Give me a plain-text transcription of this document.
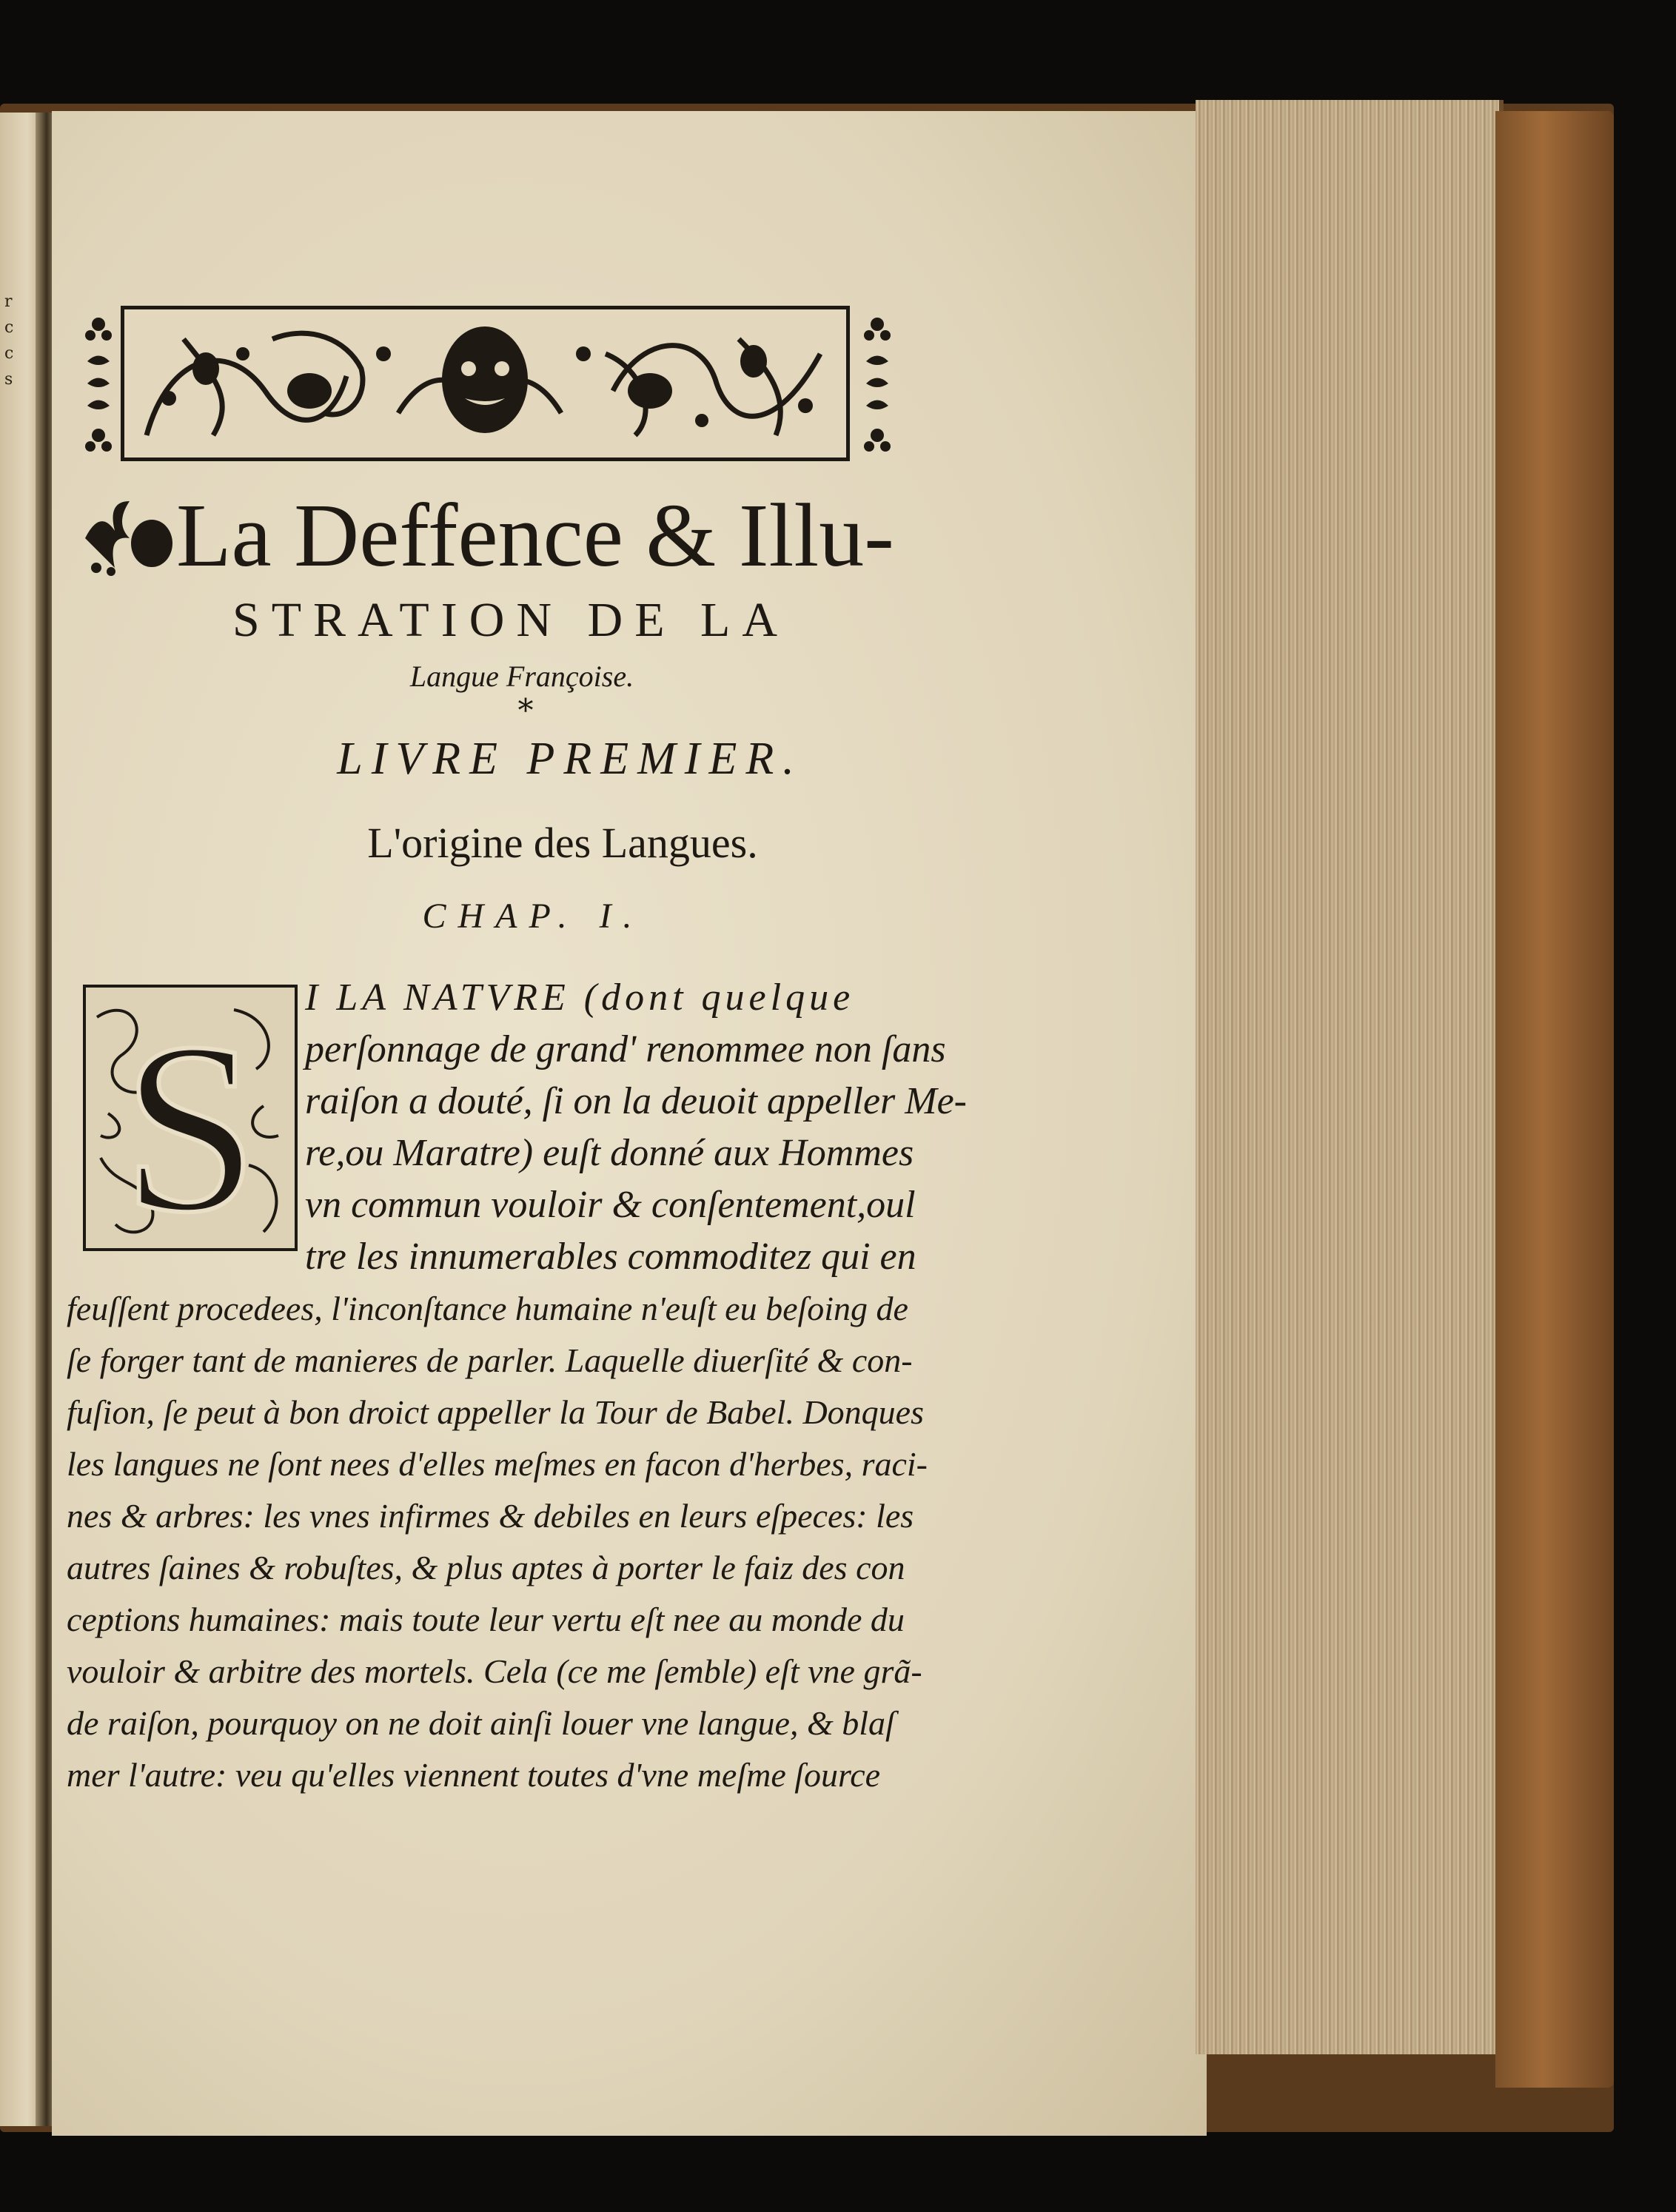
r
c
c
s
La Deffence & Illu-
STRATION DE LA
Langue Françoise.
*
LIVRE PREMIER.
L'origine des Langues.
CHAP. I.
S I LA NATVRE (dont quelque
perſonnage de grand' renommee non ſans
raiſon a douté, ſi on la deuoit appeller Me-
re,ou Maratre) euſt donné aux Hommes
vn commun vouloir & conſentement,oul
tre les innumerables commoditez qui en
feuſſent procedees, l'inconſtance humaine n'euſt eu beſoing de
ſe forger tant de manieres de parler. Laquelle diuerſité & con-
fuſion, ſe peut à bon droict appeller la Tour de Babel. Donques
les langues ne ſont nees d'elles meſmes en facon d'herbes, raci-
nes & arbres: les vnes infirmes & debiles en leurs eſpeces: les
autres ſaines & robuſtes, & plus aptes à porter le faiz des con
ceptions humaines: mais toute leur vertu eſt nee au monde du
vouloir & arbitre des mortels. Cela (ce me ſemble) eſt vne grã-
de raiſon, pourquoy on ne doit ainſi louer vne langue, & blaſ
mer l'autre: veu qu'elles viennent toutes d'vne meſme ſource
